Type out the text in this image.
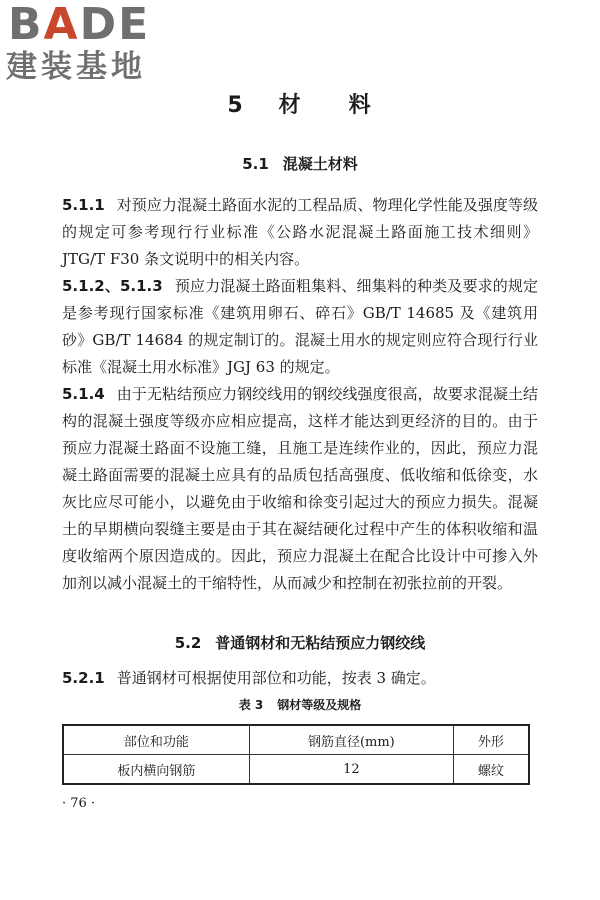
BADE
建装基地
5 材 料
5.1 混凝土材料
5.1.1 对预应力混凝土路面水泥的工程品质、物理化学性能及强度等级的规定可参考现行行业标准《公路水泥混凝土路面施工技术细则》JTG/T F30 条文说明中的相关内容。
5.1.2、5.1.3 预应力混凝土路面粗集料、细集料的种类及要求的规定是参考现行国家标准《建筑用卵石、碎石》GB/T 14685 及《建筑用砂》GB/T 14684 的规定制订的。混凝土用水的规定则应符合现行行业标准《混凝土用水标准》JGJ 63 的规定。
5.1.4 由于无粘结预应力钢绞线用的钢绞线强度很高，故要求混凝土结构的混凝土强度等级亦应相应提高，这样才能达到更经济的目的。由于预应力混凝土路面不设施工缝，且施工是连续作业的，因此，预应力混凝土路面需要的混凝土应具有的品质包括高强度、低收缩和低徐变，水灰比应尽可能小，以避免由于收缩和徐变引起过大的预应力损失。混凝土的早期横向裂缝主要是由于其在凝结硬化过程中产生的体积收缩和温度收缩两个原因造成的。因此，预应力混凝土在配合比设计中可掺入外加剂以减小混凝土的干缩特性，从而减少和控制在初张拉前的开裂。
5.2 普通钢材和无粘结预应力钢绞线
5.2.1 普通钢材可根据使用部位和功能，按表 3 确定。
表 3 钢材等级及规格
部位和功能	钢筋直径(mm)	外形
板内横向钢筋	12	螺纹
· 76 ·
